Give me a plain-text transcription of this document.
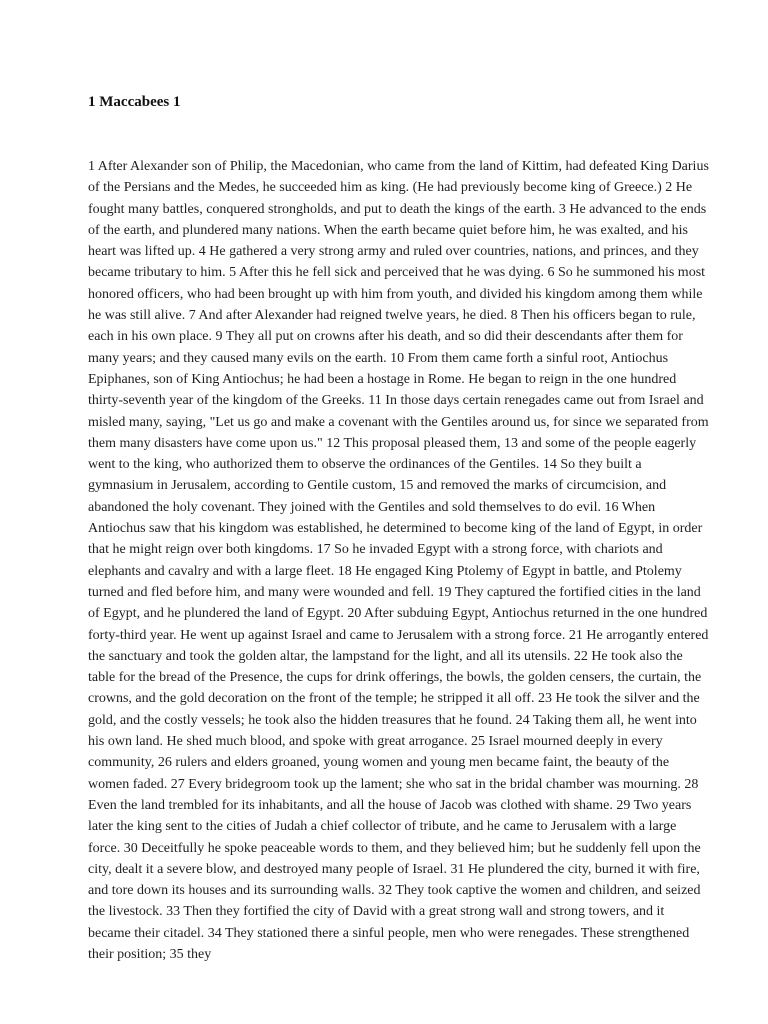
1 Maccabees 1

1 After Alexander son of Philip, the Macedonian, who came from the land of Kittim, had defeated King Darius of the Persians and the Medes, he succeeded him as king. (He had previously become king of Greece.) 2 He fought many battles, conquered strongholds, and put to death the kings of the earth. 3 He advanced to the ends of the earth, and plundered many nations. When the earth became quiet before him, he was exalted, and his heart was lifted up. 4 He gathered a very strong army and ruled over countries, nations, and princes, and they became tributary to him. 5 After this he fell sick and perceived that he was dying. 6 So he summoned his most honored officers, who had been brought up with him from youth, and divided his kingdom among them while he was still alive. 7 And after Alexander had reigned twelve years, he died. 8 Then his officers began to rule, each in his own place. 9 They all put on crowns after his death, and so did their descendants after them for many years; and they caused many evils on the earth. 10 From them came forth a sinful root, Antiochus Epiphanes, son of King Antiochus; he had been a hostage in Rome. He began to reign in the one hundred thirty-seventh year of the kingdom of the Greeks. 11 In those days certain renegades came out from Israel and misled many, saying, "Let us go and make a covenant with the Gentiles around us, for since we separated from them many disasters have come upon us." 12 This proposal pleased them, 13 and some of the people eagerly went to the king, who authorized them to observe the ordinances of the Gentiles. 14 So they built a gymnasium in Jerusalem, according to Gentile custom, 15 and removed the marks of circumcision, and abandoned the holy covenant. They joined with the Gentiles and sold themselves to do evil. 16 When Antiochus saw that his kingdom was established, he determined to become king of the land of Egypt, in order that he might reign over both kingdoms. 17 So he invaded Egypt with a strong force, with chariots and elephants and cavalry and with a large fleet. 18 He engaged King Ptolemy of Egypt in battle, and Ptolemy turned and fled before him, and many were wounded and fell. 19 They captured the fortified cities in the land of Egypt, and he plundered the land of Egypt. 20 After subduing Egypt, Antiochus returned in the one hundred forty-third year. He went up against Israel and came to Jerusalem with a strong force. 21 He arrogantly entered the sanctuary and took the golden altar, the lampstand for the light, and all its utensils. 22 He took also the table for the bread of the Presence, the cups for drink offerings, the bowls, the golden censers, the curtain, the crowns, and the gold decoration on the front of the temple; he stripped it all off. 23 He took the silver and the gold, and the costly vessels; he took also the hidden treasures that he found. 24 Taking them all, he went into his own land. He shed much blood, and spoke with great arrogance. 25 Israel mourned deeply in every community, 26 rulers and elders groaned, young women and young men became faint, the beauty of the women faded. 27 Every bridegroom took up the lament; she who sat in the bridal chamber was mourning. 28 Even the land trembled for its inhabitants, and all the house of Jacob was clothed with shame. 29 Two years later the king sent to the cities of Judah a chief collector of tribute, and he came to Jerusalem with a large force. 30 Deceitfully he spoke peaceable words to them, and they believed him; but he suddenly fell upon the city, dealt it a severe blow, and destroyed many people of Israel. 31 He plundered the city, burned it with fire, and tore down its houses and its surrounding walls. 32 They took captive the women and children, and seized the livestock. 33 Then they fortified the city of David with a great strong wall and strong towers, and it became their citadel. 34 They stationed there a sinful people, men who were renegades. These strengthened their position; 35 they
